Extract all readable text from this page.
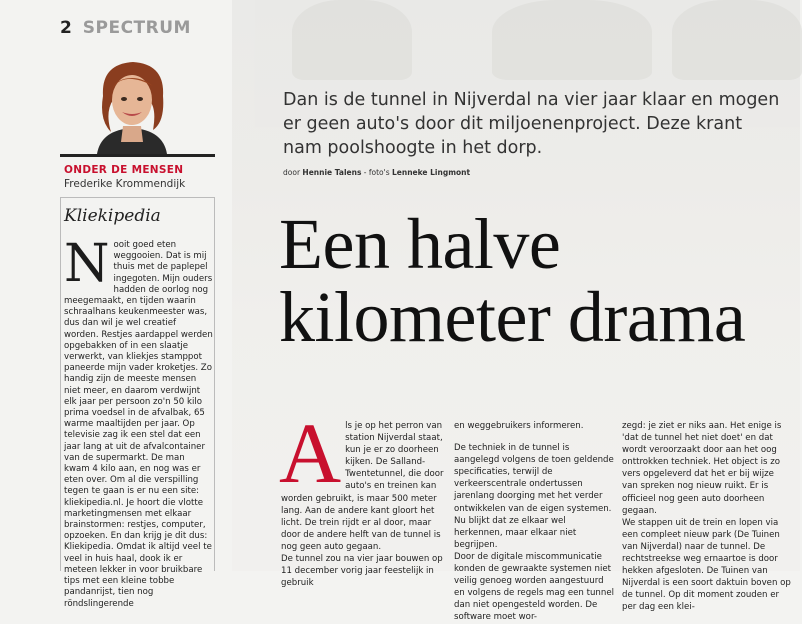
2 SPECTRUM
ONDER DE MENSEN
Frederike Krommendijk
Kliekipedia
N ooit goed eten weggooien. Dat is mij thuis met de paplepel ingegoten. Mijn ouders hadden de oorlog nog meegemaakt, en tijden waarin schraalhans keukenmeester was, dus dan wil je wel creatief worden. Restjes aardappel werden opgebakken of in een slaatje verwerkt, van kliekjes stamppot paneerde mijn vader kroketjes. Zo handig zijn de meeste mensen niet meer, en daarom verdwijnt elk jaar per persoon zo'n 50 kilo prima voedsel in de afvalbak, 65 warme maaltijden per jaar. Op televisie zag ik een stel dat een jaar lang at uit de afvalcontainer van de supermarkt. De man kwam 4 kilo aan, en nog was er eten over. Om al die verspilling tegen te gaan is er nu een site: kliekipedia.nl. Je hoort die vlotte marketingmensen met elkaar brainstormen: restjes, computer, opzoeken. En dan krijg je dit dus: Kliekipedia. Omdat ik altijd veel te veel in huis haal, dook ik er meteen lekker in voor bruikbare tips met een kleine tobbe pandanrijst, tien nog röndslingerende
Dan is de tunnel in Nijverdal na vier jaar klaar en mogen er geen auto's door dit miljoenenproject. Deze krant nam poolshoogte in het dorp.
door Hennie Talens - foto's Lenneke Lingmont
Een halve kilometer drama
A ls je op het perron van station Nijverdal staat, kun je er zo doorheen kijken. De Salland-Twentetunnel, die door auto's en treinen kan worden gebruikt, is maar 500 meter lang. Aan de andere kant gloort het licht. De trein rijdt er al door, maar door de andere helft van de tunnel is nog geen auto gegaan.

De tunnel zou na vier jaar bouwen op 11 december vorig jaar feestelijk in gebruik

en weggebruikers informeren.

De techniek in de tunnel is aangelegd volgens de toen geldende specificaties, terwijl de verkeerscentrale ondertussen jarenlang doorging met het verder ontwikkelen van de eigen systemen. Nu blijkt dat ze elkaar wel herkennen, maar elkaar niet begrijpen.

Door de digitale miscommunicatie konden de gewraakte systemen niet veilig genoeg worden aangestuurd en volgens de regels mag een tunnel dan niet opengesteld worden. De software moet wor-

zegd: je ziet er niks aan. Het enige is 'dat de tunnel het niet doet' en dat wordt veroorzaakt door aan het oog onttrokken techniek. Het object is zo vers opgeleverd dat het er bij wijze van spreken nog nieuw ruikt. Er is officieel nog geen auto doorheen gegaan.

We stappen uit de trein en lopen via een compleet nieuw park (De Tuinen van Nijverdal) naar de tunnel. De rechtstreekse weg ernaartoe is door hekken afgesloten. De Tuinen van Nijverdal is een soort daktuin boven op de tunnel. Op dit moment zouden er per dag een klei-
